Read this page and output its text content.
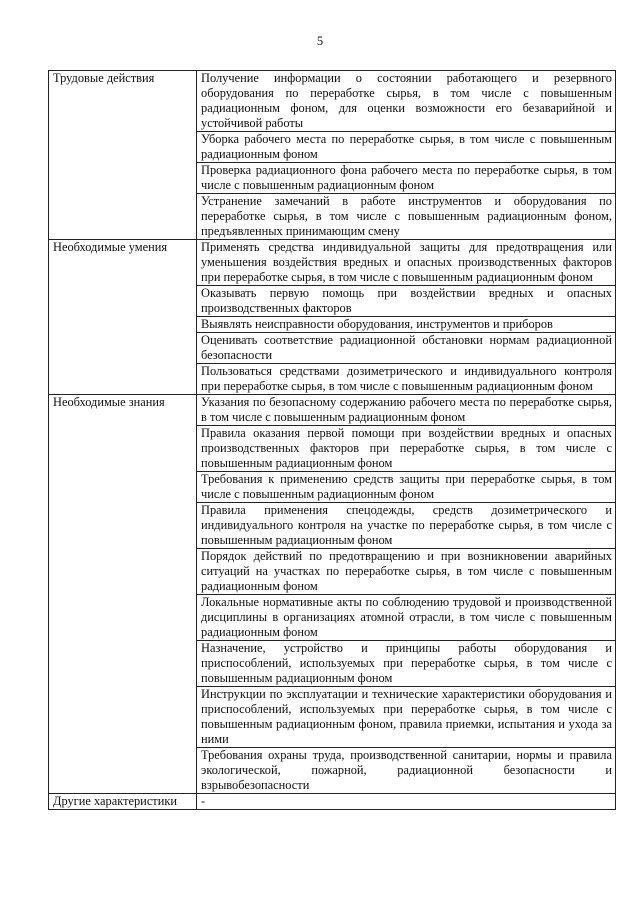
5
Трудовые действия	Получение информации о состоянии работающего и резервного оборудования по переработке сырья, в том числе с повышенным радиационным фоном, для оценки возможности его безаварийной и устойчивой работы
	Уборка рабочего места по переработке сырья, в том числе с повышенным радиационным фоном
	Проверка радиационного фона рабочего места по переработке сырья, в том числе с повышенным радиационным фоном
	Устранение замечаний в работе инструментов и оборудования по переработке сырья, в том числе с повышенным радиационным фоном, предъявленных принимающим смену
Необходимые умения	Применять средства индивидуальной защиты для предотвращения или уменьшения воздействия вредных и опасных производственных факторов при переработке сырья, в том числе с повышенным радиационным фоном
	Оказывать первую помощь при воздействии вредных и опасных производственных факторов
	Выявлять неисправности оборудования, инструментов и приборов
	Оценивать соответствие радиационной обстановки нормам радиационной безопасности
	Пользоваться средствами дозиметрического и индивидуального контроля при переработке сырья, в том числе с повышенным радиационным фоном
Необходимые знания	Указания по безопасному содержанию рабочего места по переработке сырья, в том числе с повышенным радиационным фоном
	Правила оказания первой помощи при воздействии вредных и опасных производственных факторов при переработке сырья, в том числе с повышенным радиационным фоном
	Требования к применению средств защиты при переработке сырья, в том числе с повышенным радиационным фоном
	Правила применения спецодежды, средств дозиметрического и индивидуального контроля на участке по переработке сырья, в том числе с повышенным радиационным фоном
	Порядок действий по предотвращению и при возникновении аварийных ситуаций на участках по переработке сырья, в том числе с повышенным радиационным фоном
	Локальные нормативные акты по соблюдению трудовой и производственной дисциплины в организациях атомной отрасли, в том числе с повышенным радиационным фоном
	Назначение, устройство и принципы работы оборудования и приспособлений, используемых при переработке сырья, в том числе с повышенным радиационным фоном
	Инструкции по эксплуатации и технические характеристики оборудования и приспособлений, используемых при переработке сырья, в том числе с повышенным радиационным фоном, правила приемки, испытания и ухода за ними
	Требования охраны труда, производственной санитарии, нормы и правила экологической, пожарной, радиационной безопасности и взрывобезопасности
Другие характеристики	-
